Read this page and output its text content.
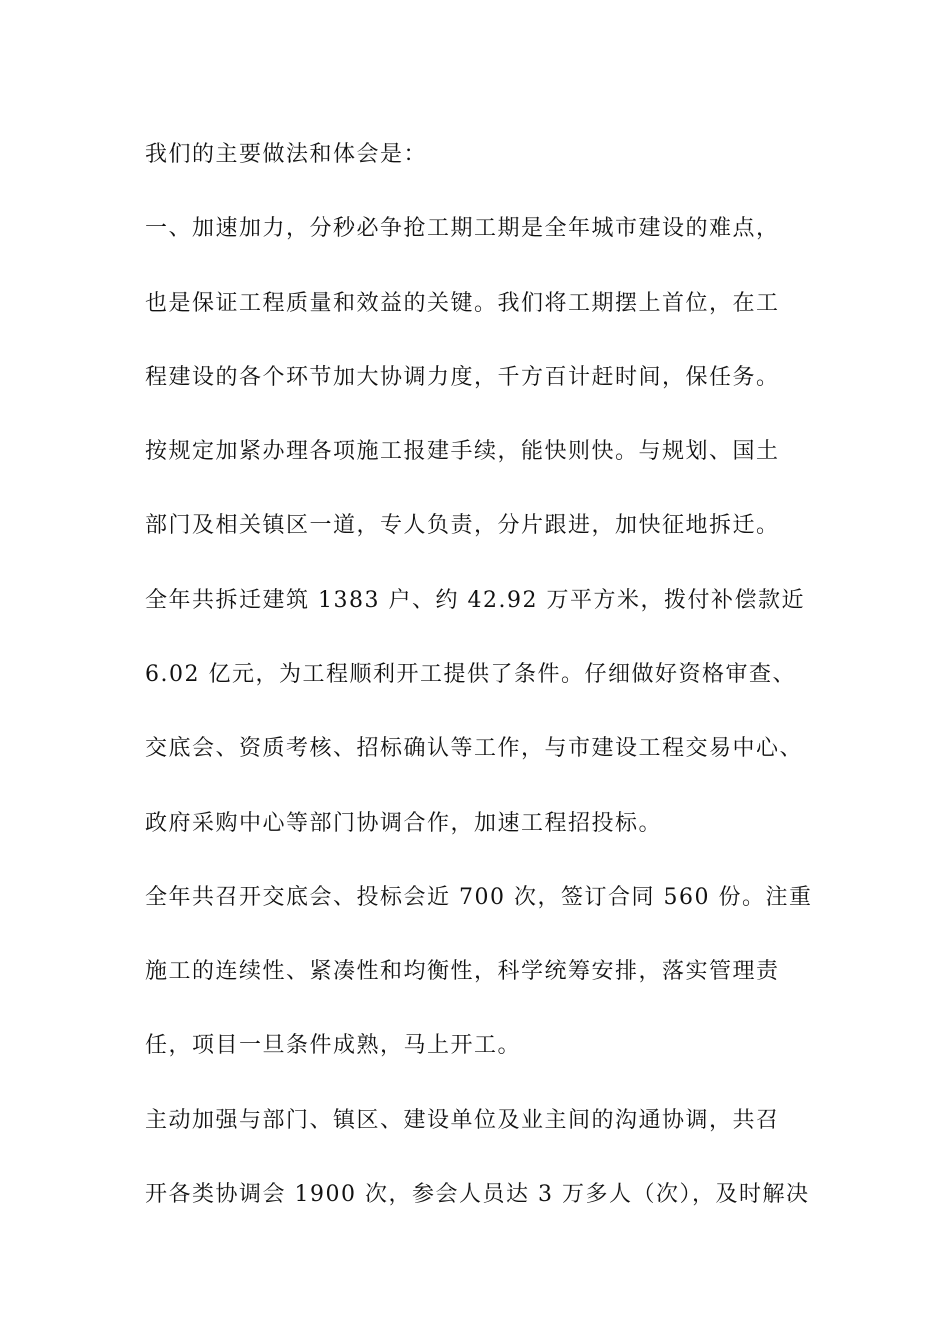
我们的主要做法和体会是：
一、加速加力，分秒必争抢工期工期是全年城市建设的难点，
也是保证工程质量和效益的关键。我们将工期摆上首位，在工
程建设的各个环节加大协调力度，千方百计赶时间，保任务。
按规定加紧办理各项施工报建手续，能快则快。与规划、国土
部门及相关镇区一道，专人负责，分片跟进，加快征地拆迁。
全年共拆迁建筑 1383 户、约 42.92 万平方米，拨付补偿款近
6.02 亿元，为工程顺利开工提供了条件。仔细做好资格审查、
交底会、资质考核、招标确认等工作，与市建设工程交易中心、
政府采购中心等部门协调合作，加速工程招投标。
全年共召开交底会、投标会近 700 次，签订合同 560 份。注重
施工的连续性、紧凑性和均衡性，科学统筹安排，落实管理责
任，项目一旦条件成熟，马上开工。
主动加强与部门、镇区、建设单位及业主间的沟通协调，共召
开各类协调会 1900 次，参会人员达 3 万多人（次），及时解决
